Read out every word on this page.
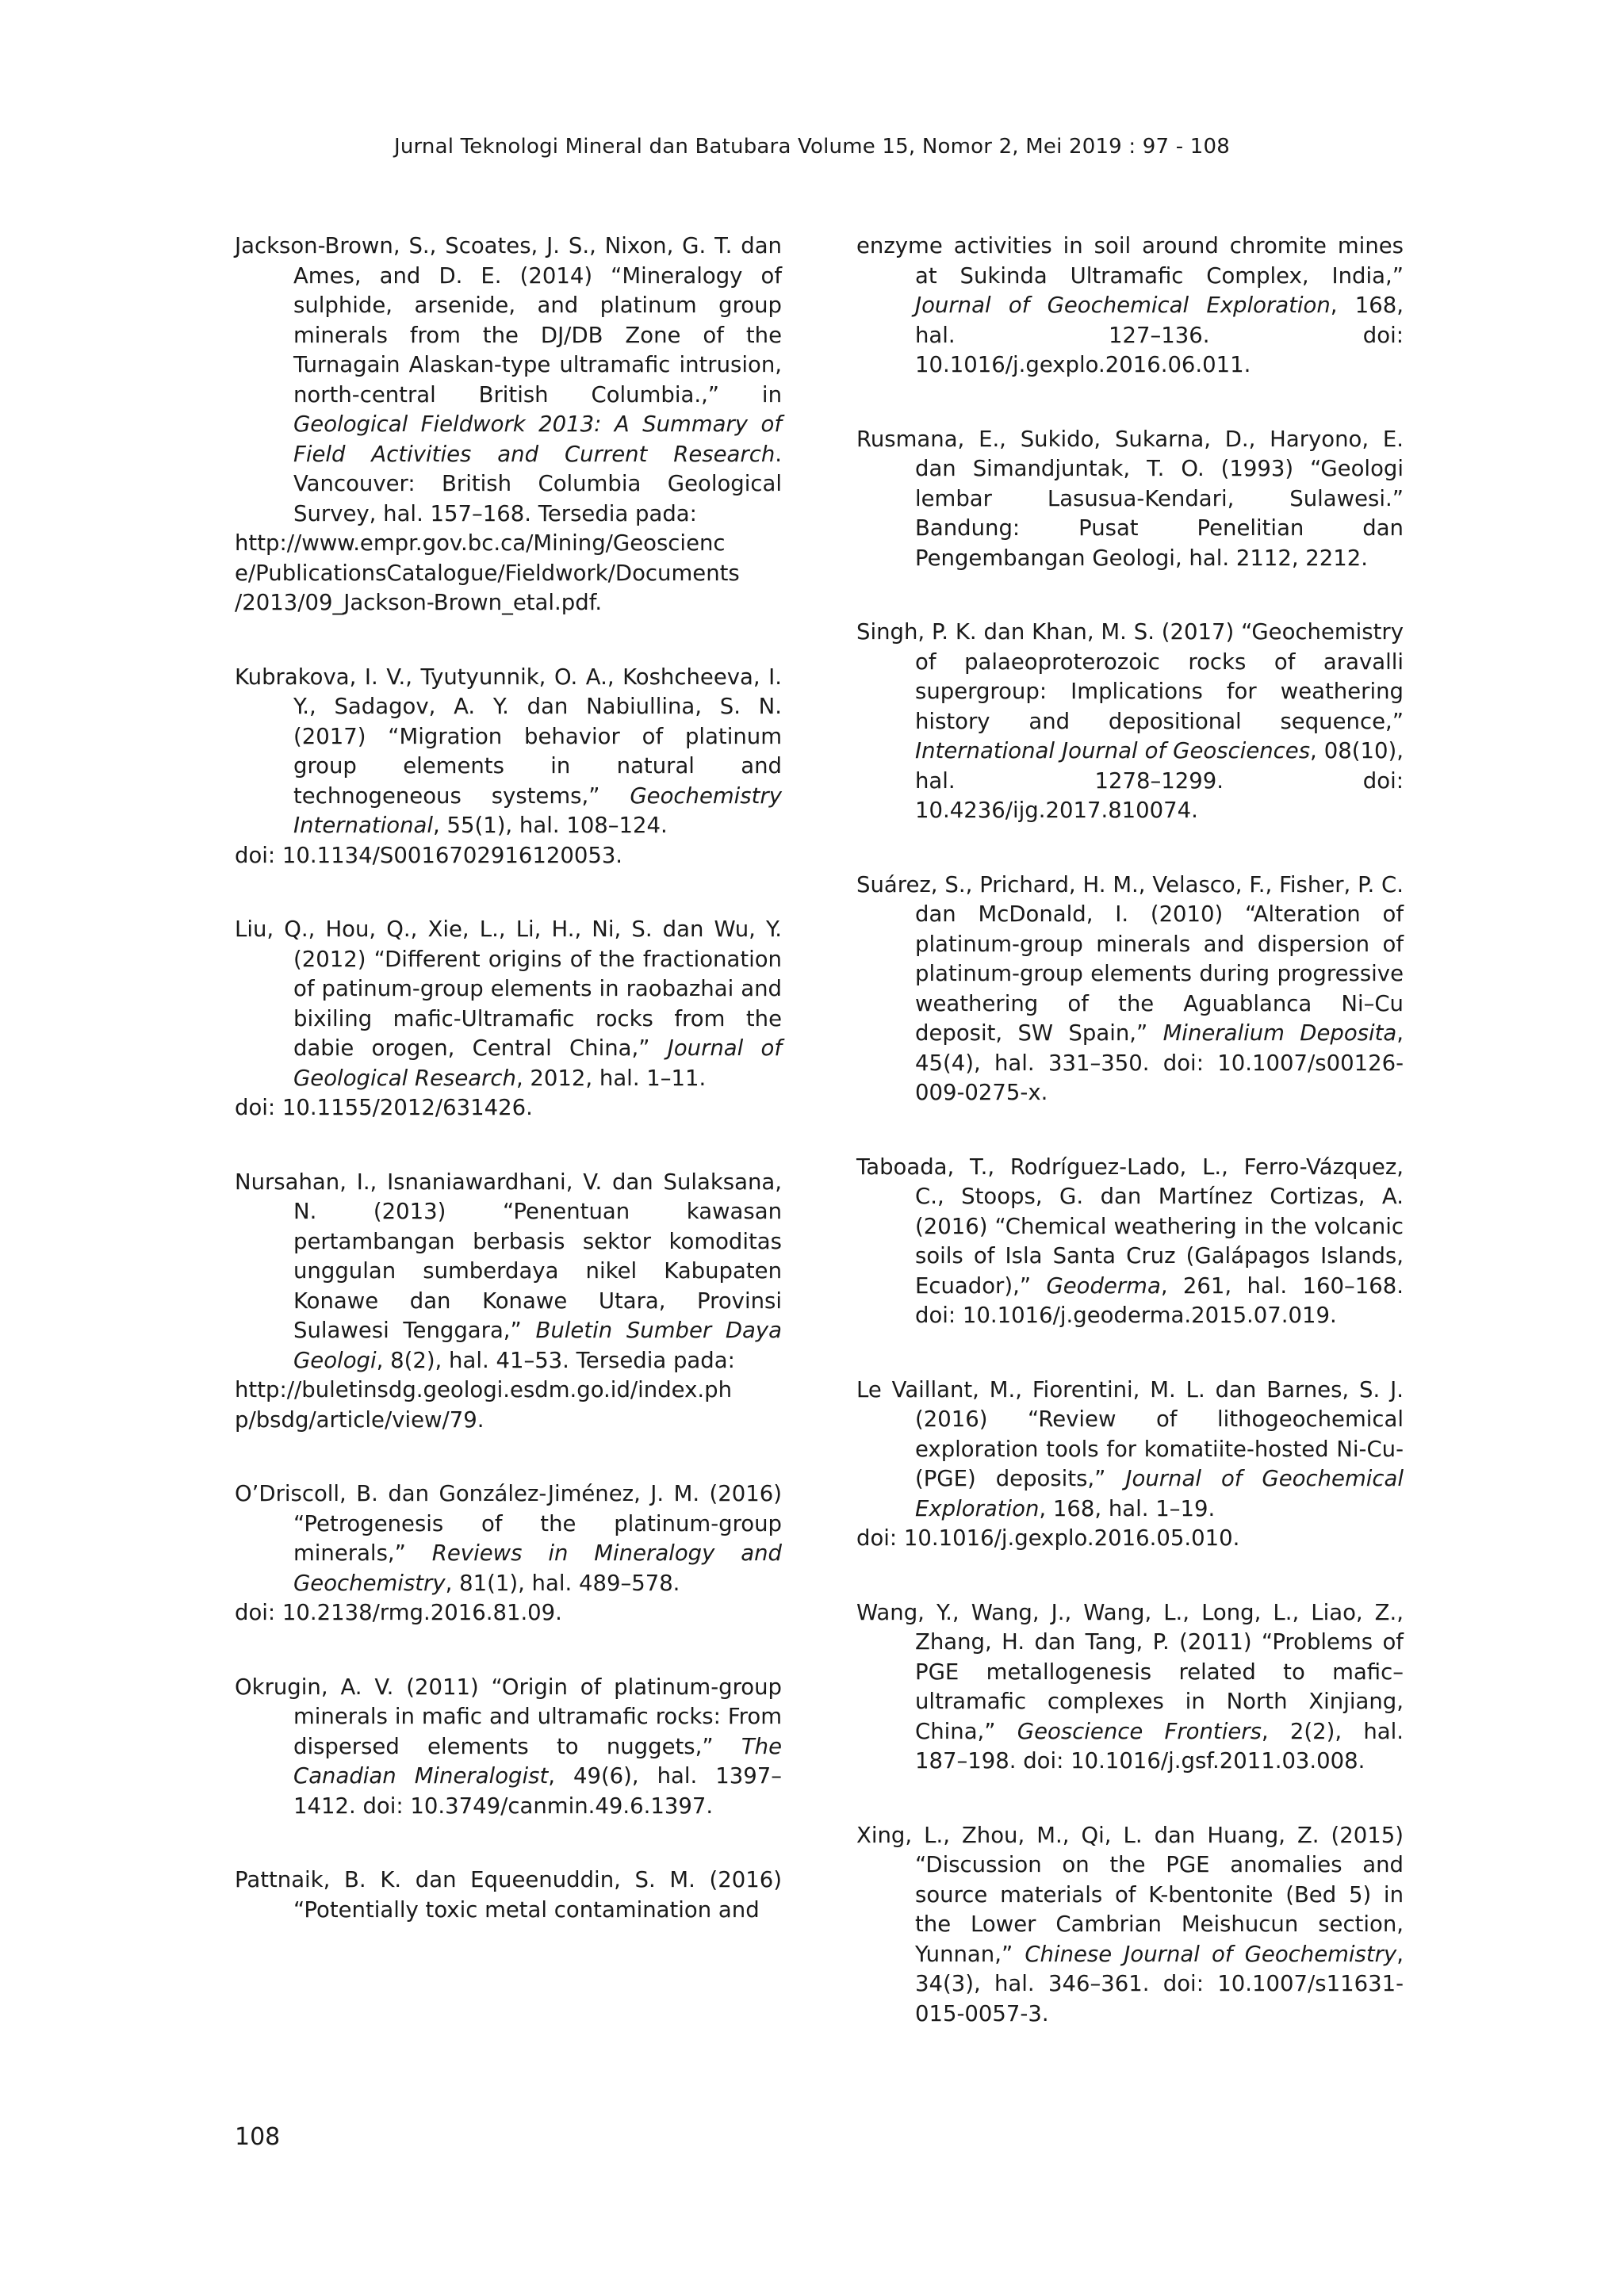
Jurnal Teknologi Mineral dan Batubara Volume 15, Nomor 2, Mei 2019 : 97 - 108

Jackson-Brown, S., Scoates, J. S., Nixon, G. T. dan Ames, and D. E. (2014) “Mineralogy of sulphide, arsenide, and platinum group minerals from the DJ/DB Zone of the Turnagain Alaskan-type ultramafic intrusion, north-central British Columbia.,” in Geological Fieldwork 2013: A Summary of Field Activities and Current Research. Vancouver: British Columbia Geological Survey, hal. 157–168. Tersedia pada:
http://www.empr.gov.bc.ca/Mining/Geoscienc
e/PublicationsCatalogue/Fieldwork/Documents
/2013/09_Jackson-Brown_etal.pdf.

Kubrakova, I. V., Tyutyunnik, O. A., Koshcheeva, I. Y., Sadagov, A. Y. dan Nabiullina, S. N. (2017) “Migration behavior of platinum group elements in natural and technogeneous systems,” Geochemistry International, 55(1), hal. 108–124.
doi: 10.1134/S0016702916120053.

Liu, Q., Hou, Q., Xie, L., Li, H., Ni, S. dan Wu, Y. (2012) “Different origins of the fractionation of patinum-group elements in raobazhai and bixiling mafic-Ultramafic rocks from the dabie orogen, Central China,” Journal of Geological Research, 2012, hal. 1–11.
doi: 10.1155/2012/631426.

Nursahan, I., Isnaniawardhani, V. dan Sulaksana, N. (2013) “Penentuan kawasan pertambangan berbasis sektor komoditas unggulan sumberdaya nikel Kabupaten Konawe dan Konawe Utara, Provinsi Sulawesi Tenggara,” Buletin Sumber Daya Geologi, 8(2), hal. 41–53. Tersedia pada:
http://buletinsdg.geologi.esdm.go.id/index.ph
p/bsdg/article/view/79.

O’Driscoll, B. dan González-Jiménez, J. M. (2016) “Petrogenesis of the platinum-group minerals,” Reviews in Mineralogy and Geochemistry, 81(1), hal. 489–578.
doi: 10.2138/rmg.2016.81.09.

Okrugin, A. V. (2011) “Origin of platinum-group minerals in mafic and ultramafic rocks: From dispersed elements to nuggets,” The Canadian Mineralogist, 49(6), hal. 1397–1412. doi: 10.3749/canmin.49.6.1397.

Pattnaik, B. K. dan Equeenuddin, S. M. (2016) “Potentially toxic metal contamination and

enzyme activities in soil around chromite mines at Sukinda Ultramafic Complex, India,” Journal of Geochemical Exploration, 168, hal. 127–136. doi: 10.1016/j.gexplo.2016.06.011.

Rusmana, E., Sukido, Sukarna, D., Haryono, E. dan Simandjuntak, T. O. (1993) “Geologi lembar Lasusua-Kendari, Sulawesi.” Bandung: Pusat Penelitian dan Pengembangan Geologi, hal. 2112, 2212.

Singh, P. K. dan Khan, M. S. (2017) “Geochemistry of palaeoproterozoic rocks of aravalli supergroup: Implications for weathering history and depositional sequence,” International Journal of Geosciences, 08(10), hal. 1278–1299. doi: 10.4236/ijg.2017.810074.

Suárez, S., Prichard, H. M., Velasco, F., Fisher, P. C. dan McDonald, I. (2010) “Alteration of platinum-group minerals and dispersion of platinum-group elements during progressive weathering of the Aguablanca Ni–Cu deposit, SW Spain,” Mineralium Deposita, 45(4), hal. 331–350. doi: 10.1007/s00126-009-0275-x.

Taboada, T., Rodríguez-Lado, L., Ferro-Vázquez, C., Stoops, G. dan Martínez Cortizas, A. (2016) “Chemical weathering in the volcanic soils of Isla Santa Cruz (Galápagos Islands, Ecuador),” Geoderma, 261, hal. 160–168. doi: 10.1016/j.geoderma.2015.07.019.

Le Vaillant, M., Fiorentini, M. L. dan Barnes, S. J. (2016) “Review of lithogeochemical exploration tools for komatiite-hosted Ni-Cu-(PGE) deposits,” Journal of Geochemical Exploration, 168, hal. 1–19.
doi: 10.1016/j.gexplo.2016.05.010.

Wang, Y., Wang, J., Wang, L., Long, L., Liao, Z., Zhang, H. dan Tang, P. (2011) “Problems of PGE metallogenesis related to mafic–ultramafic complexes in North Xinjiang, China,” Geoscience Frontiers, 2(2), hal. 187–198. doi: 10.1016/j.gsf.2011.03.008.

Xing, L., Zhou, M., Qi, L. dan Huang, Z. (2015) “Discussion on the PGE anomalies and source materials of K-bentonite (Bed 5) in the Lower Cambrian Meishucun section, Yunnan,” Chinese Journal of Geochemistry, 34(3), hal. 346–361. doi: 10.1007/s11631-015-0057-3.

108
